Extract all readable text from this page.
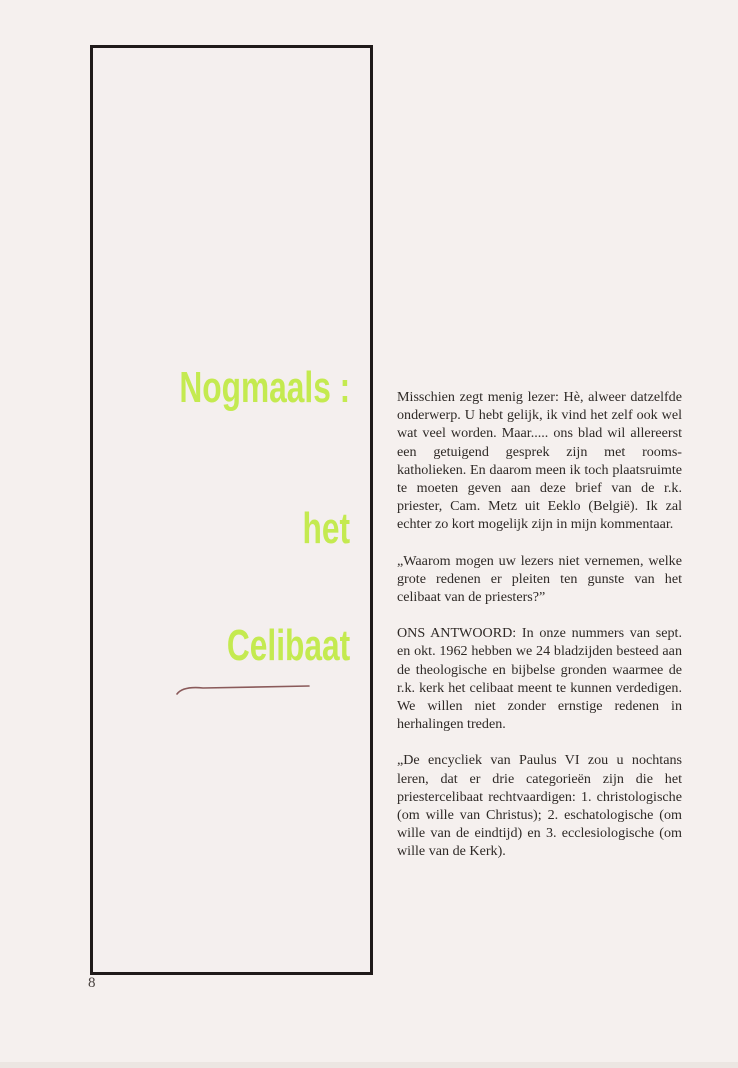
Nogmaals :
het
Celibaat
8

Misschien zegt menig lezer: Hè, alweer datzelfde onderwerp. U hebt gelijk, ik vind het zelf ook wel wat veel worden. Maar..... ons blad wil allereerst een getuigend gesprek zijn met rooms-katholieken. En daarom meen ik toch plaatsruimte te moeten geven aan deze brief van de r.k. priester, Cam. Metz uit Eeklo (België). Ik zal echter zo kort mogelijk zijn in mijn kommentaar.

„Waarom mogen uw lezers niet vernemen, welke grote redenen er pleiten ten gunste van het celibaat van de priesters?”

ONS ANTWOORD: In onze nummers van sept. en okt. 1962 hebben we 24 bladzijden besteed aan de theologische en bijbelse gronden waarmee de r.k. kerk het celibaat meent te kunnen verdedigen. We willen niet zonder ernstige redenen in herhalingen treden.

„De encycliek van Paulus VI zou u nochtans leren, dat er drie categorieën zijn die het priestercelibaat rechtvaardigen: 1. christologische (om wille van Christus); 2. eschatologische (om wille van de eindtijd) en 3. ecclesiologische (om wille van de Kerk).
